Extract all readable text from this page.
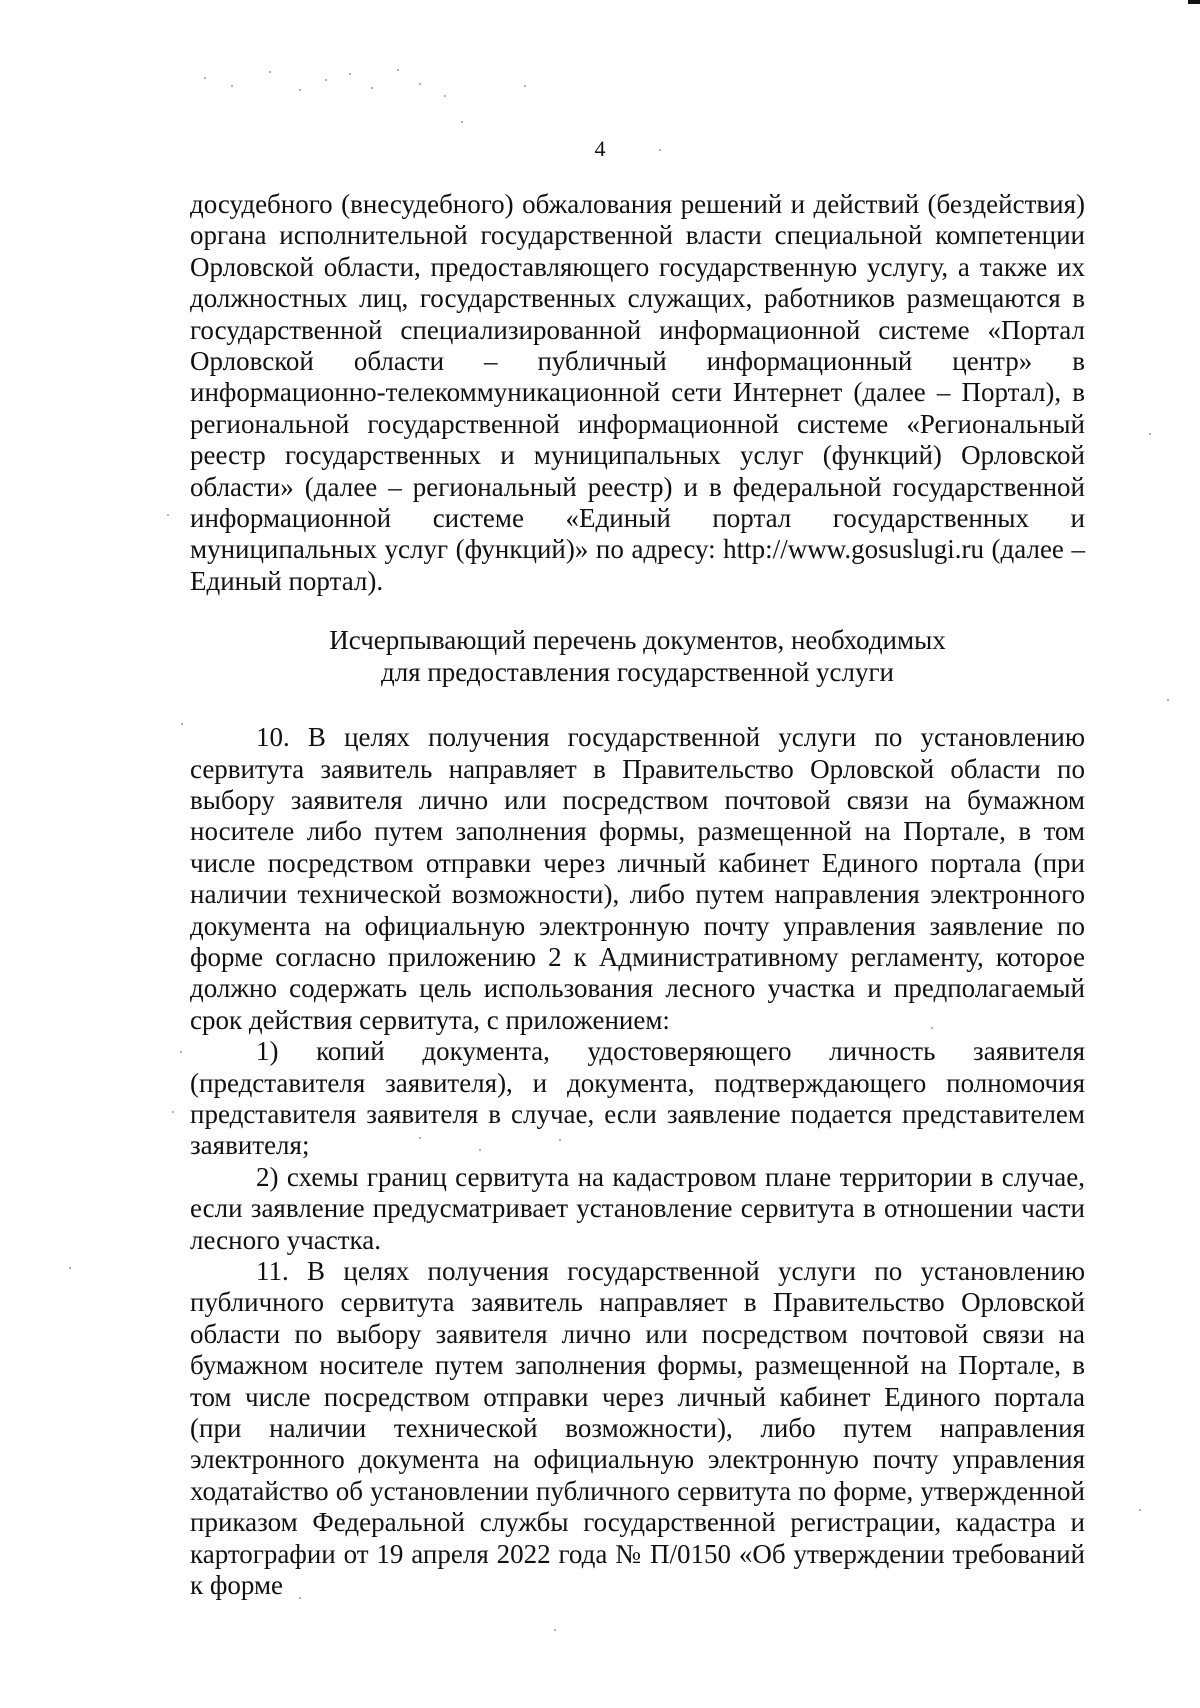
4

досудебного (внесудебного) обжалования решений и действий (бездействия) органа исполнительной государственной власти специальной компетенции Орловской области, предоставляющего государственную услугу, а также их должностных лиц, государственных служащих, работников размещаются в государственной специализированной информационной системе «Портал Орловской области – публичный информационный центр» в информационно-телекоммуникационной сети Интернет (далее – Портал), в региональной государственной информационной системе «Региональный реестр государственных и муниципальных услуг (функций) Орловской области» (далее – региональный реестр) и в федеральной государственной информационной системе «Единый портал государственных и муниципальных услуг (функций)» по адресу: http://www.gosuslugi.ru (далее – Единый портал).

Исчерпывающий перечень документов, необходимых
для предоставления государственной услуги

10. В целях получения государственной услуги по установлению сервитута заявитель направляет в Правительство Орловской области по выбору заявителя лично или посредством почтовой связи на бумажном носителе либо путем заполнения формы, размещенной на Портале, в том числе посредством отправки через личный кабинет Единого портала (при наличии технической возможности), либо путем направления электронного документа на официальную электронную почту управления заявление по форме согласно приложению 2 к Административному регламенту, которое должно содержать цель использования лесного участка и предполагаемый срок действия сервитута, с приложением:

1) копий документа, удостоверяющего личность заявителя (представителя заявителя), и документа, подтверждающего полномочия представителя заявителя в случае, если заявление подается представителем заявителя;

2) схемы границ сервитута на кадастровом плане территории в случае, если заявление предусматривает установление сервитута в отношении части лесного участка.

11. В целях получения государственной услуги по установлению публичного сервитута заявитель направляет в Правительство Орловской области по выбору заявителя лично или посредством почтовой связи на бумажном носителе путем заполнения формы, размещенной на Портале, в том числе посредством отправки через личный кабинет Единого портала (при наличии технической возможности), либо путем направления электронного документа на официальную электронную почту управления ходатайство об установлении публичного сервитута по форме, утвержденной приказом Федеральной службы государственной регистрации, кадастра и картографии от 19 апреля 2022 года № П/0150 «Об утверждении требований к форме
